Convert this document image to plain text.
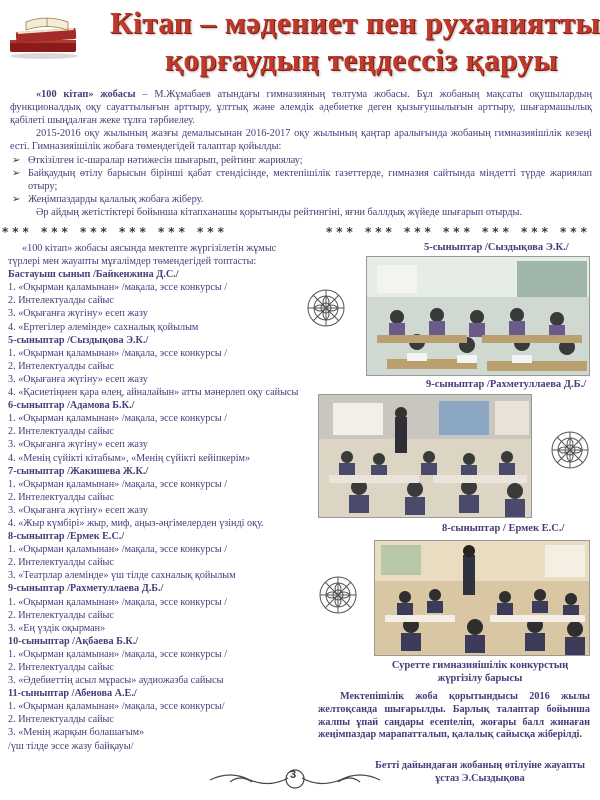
Кітап – мәдениет пен руханиятты
қорғаудың теңдессіз қаруы

«100 кітап» жобасы – М.Жұмабаев атындағы гимназияның төлтума жобасы. Бұл жобаның мақсаты оқушылардың функционалдық оқу сауаттылығын арттыру, ұлттық және әлемдік әдебиетке деген қызығушылығын арттыру, шығармашылық қабілеті шыңдалған жеке тұлға тәрбиелеу.

2015-2016 оқу жылының жазғы демалысынан 2016-2017 оқу жылының қаңтар аралығында жобаның гимназияішілік кезеңі есті. Гимназияішілік жобаға төмендегідей талаптар қойылды:

➢ Өткізілген іс-шаралар нәтижесін шығарып, рейтинг жариялау;
➢ Байқаудың өтілу барысын бірінші қабат стендісінде, мектепішілік газеттерде, гимназия сайтында міндетті түрде жариялап отыру;
➢ Жеңімпаздарды қалалық жобаға жіберу.

Әр айдың жетістіктері бойынша кітапханашы қорытынды рейтингіні, яғни баллдық жүйеде шығарып отырды.

*** *** *** *** *** ***	*** *** *** *** *** *** ***

«100 кітап» жобасы аясында мектепте жүргізілетін жұмыс түрлері мен жауапты мұғалімдер төмендегідей топтасты:

Бастауыш сынып /Байкенжина Д.С./
1. «Оқырман қаламынан» /мақала, эссе конкурсы /
2. Интелектуалды сайыс
3. «Оқығанға жүгіну» есеп жазу
4. «Ертегілер әлемінде» сахналық қойылым
5-сыныптар /Сыздықова Э.К./
1. «Оқырман қаламынан» /мақала, эссе конкурсы /
2. Интелектуалды сайыс
3. «Оқығанға жүгіну» есеп жазу
4. «Қасиетіңнен қара өлең, айналайын» атты мәнерлеп оқу сайысы
6-сыныптар /Адамова Б.К./
1. «Оқырман қаламынан» /мақала, эссе конкурсы /
2. Интелектуалды сайыс
3. «Оқығанға жүгіну» есеп жазу
4. «Менің сүйікті кітабым», «Менің сүйікті кейіпкерім»
7-сыныптар /Жакишева Ж.К./
1. «Оқырман қаламынан» /мақала, эссе конкурсы /
2. Интелектуалды сайыс
3. «Оқығанға жүгіну» есеп жазу
4. «Жыр күмбірі» жыр, миф, аңыз-әңгімелерден үзінді оқу.
8-сыныптар /Ермек Е.С./
1. «Оқырман қаламынан» /мақала, эссе конкурсы /
2. Интелектуалды сайыс
3. «Театрлар әлемінде» үш тілде сахналық қойылым
9-сыныптар /Рахметуллаева Д.Б./
1. «Оқырман қаламынан» /мақала, эссе конкурсы /
2. Интелектуалды сайыс
3. «Ең үздік оқырман»
10-сыныптар /Ақбаева Б.К./
1. «Оқырман қаламынан» /мақала, эссе конкурсы /
2. Интелектуалды сайыс
3. «Әдебиеттің асыл мұрасы» аудиожазба сайысы
11-сыныптар /Абенова А.Е./
1. «Оқырман қаламынан» /мақала, эссе конкурсы/
2. Интелектуалды сайыс
3. «Менің жарқын болашағым»
/үш тілде эссе жазу байқауы/
5-сыныптар /Сыздықова Э.К./
9-сыныптар /Рахметуллаева Д.Б./
8-сыныптар / Ермек Е.С./
Суретте гимназияішілік конкурстың жүргізілу барысы
Мектепішілік жоба қорытындысы 2016 жылы желтоқсанда шығарылды. Барлық талаптар бойынша жалпы ұпай саңдары есепteліп, жоғары балл жинаған жеңімпаздар марапатталып, қалалық сайысқа жіберілді.
Бетті дайындаған жобаның өтілуіне жауапты ұстаз Э.Сыздықова
3
